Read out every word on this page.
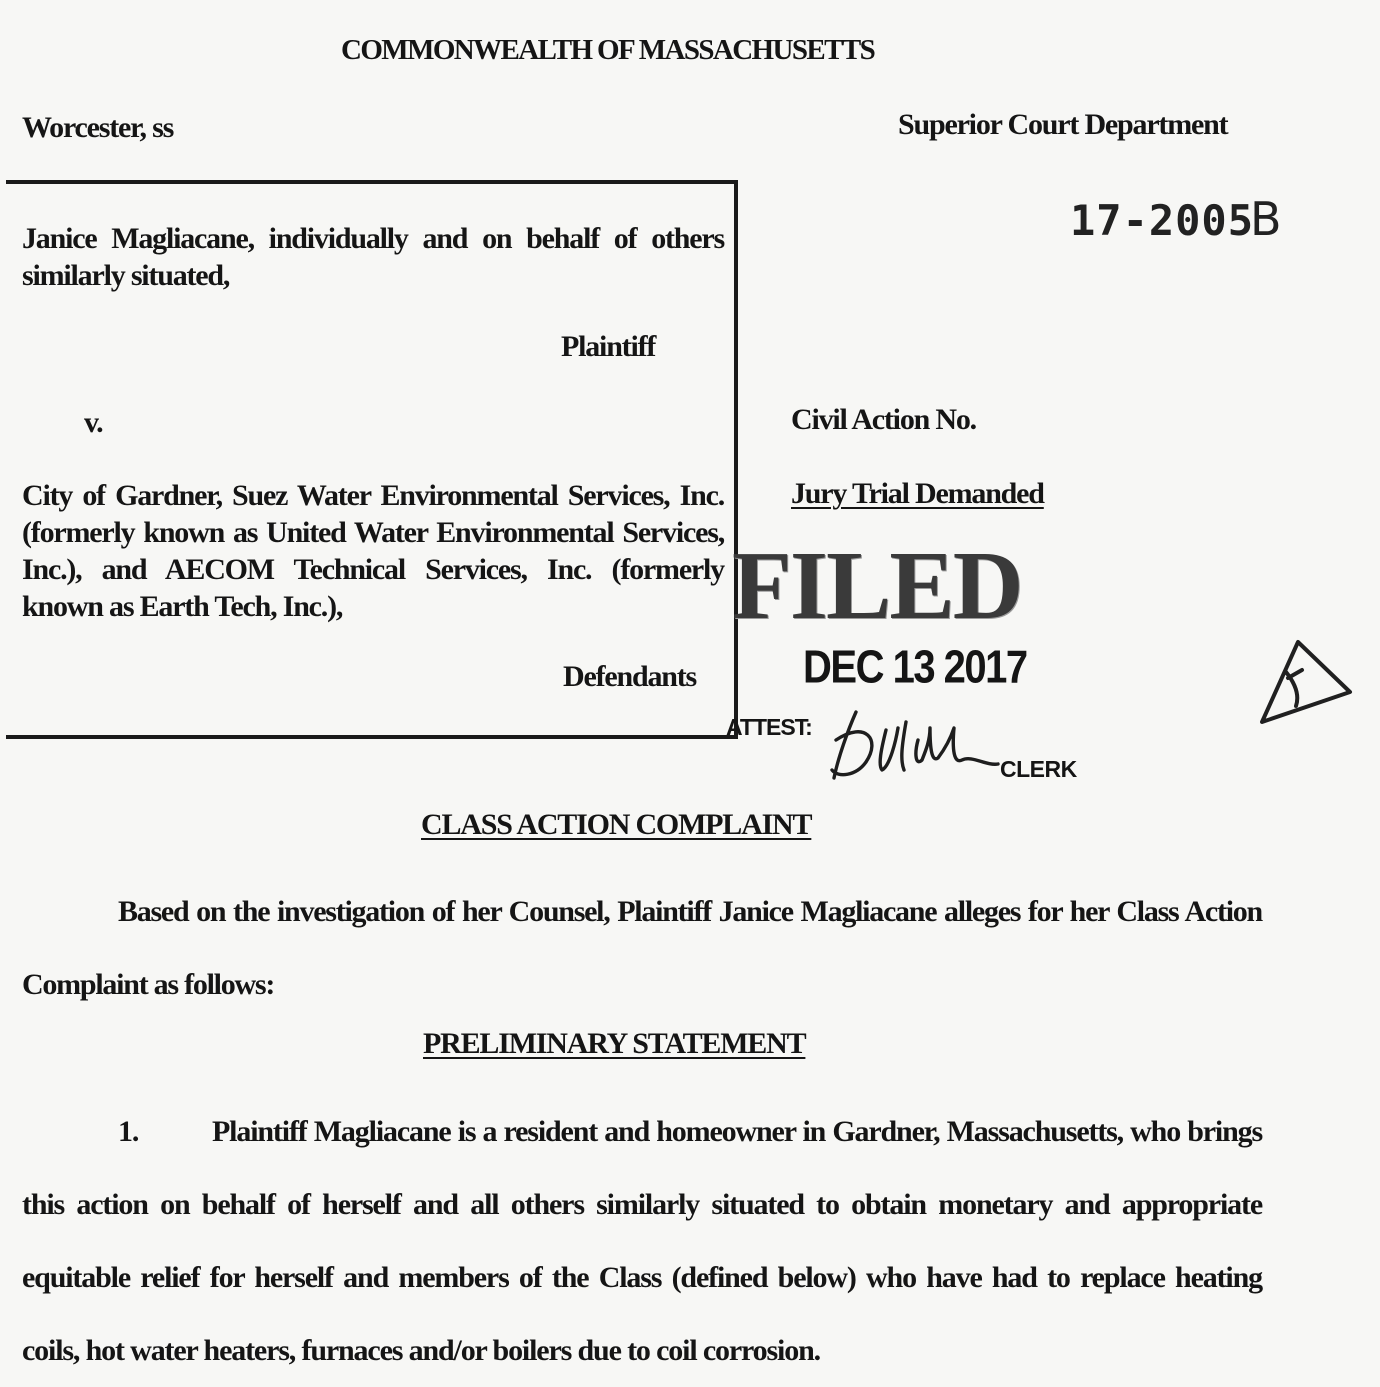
COMMONWEALTH OF MASSACHUSETTS
Worcester, ss	Superior Court Department
17-2005B
Janice Magliacane, individually and on behalf of others similarly situated,
Plaintiff
v.
City of Gardner, Suez Water Environmental Services, Inc. (formerly known as United Water Environmental Services, Inc.), and AECOM Technical Services, Inc. (formerly known as Earth Tech, Inc.),
Defendants
Civil Action No.
Jury Trial Demanded
FILED
DEC 13 2017
ATTEST:
CLERK
CLASS ACTION COMPLAINT
Based on the investigation of her Counsel, Plaintiff Janice Magliacane alleges for her Class Action Complaint as follows:
PRELIMINARY STATEMENT
1. Plaintiff Magliacane is a resident and homeowner in Gardner, Massachusetts, who brings this action on behalf of herself and all others similarly situated to obtain monetary and appropriate equitable relief for herself and members of the Class (defined below) who have had to replace heating coils, hot water heaters, furnaces and/or boilers due to coil corrosion.
